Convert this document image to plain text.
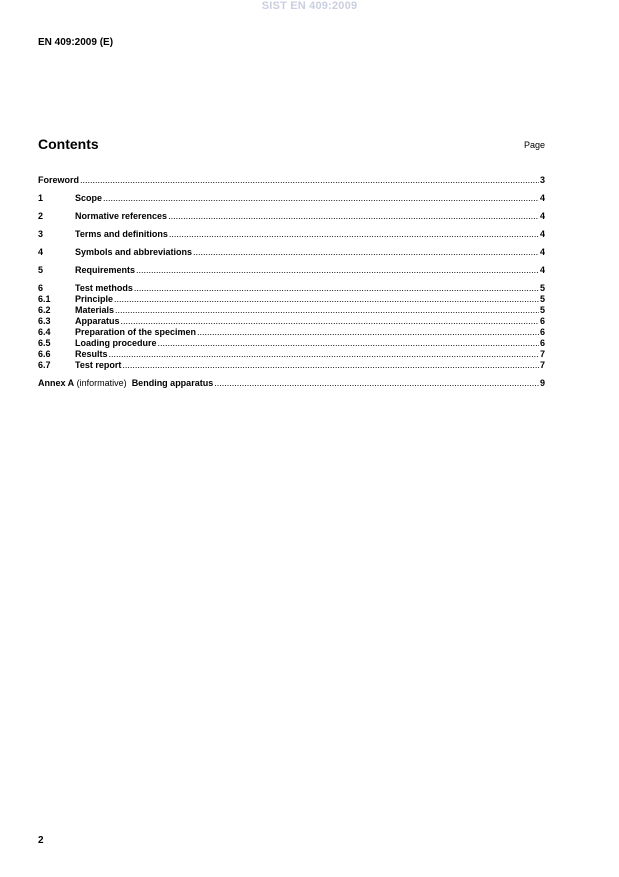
SIST EN 409:2009
EN 409:2009 (E)
Contents	Page
Foreword .....	3
1	Scope .....	4
2	Normative references .....	4
3	Terms and definitions .....	4
4	Symbols and abbreviations .....	4
5	Requirements .....	4
6	Test methods .....	5
6.1	Principle .....	5
6.2	Materials .....	5
6.3	Apparatus .....	6
6.4	Preparation of the specimen .....	6
6.5	Loading procedure .....	6
6.6	Results .....	7
6.7	Test report .....	7
Annex A (informative)  Bending apparatus .....	9
2
